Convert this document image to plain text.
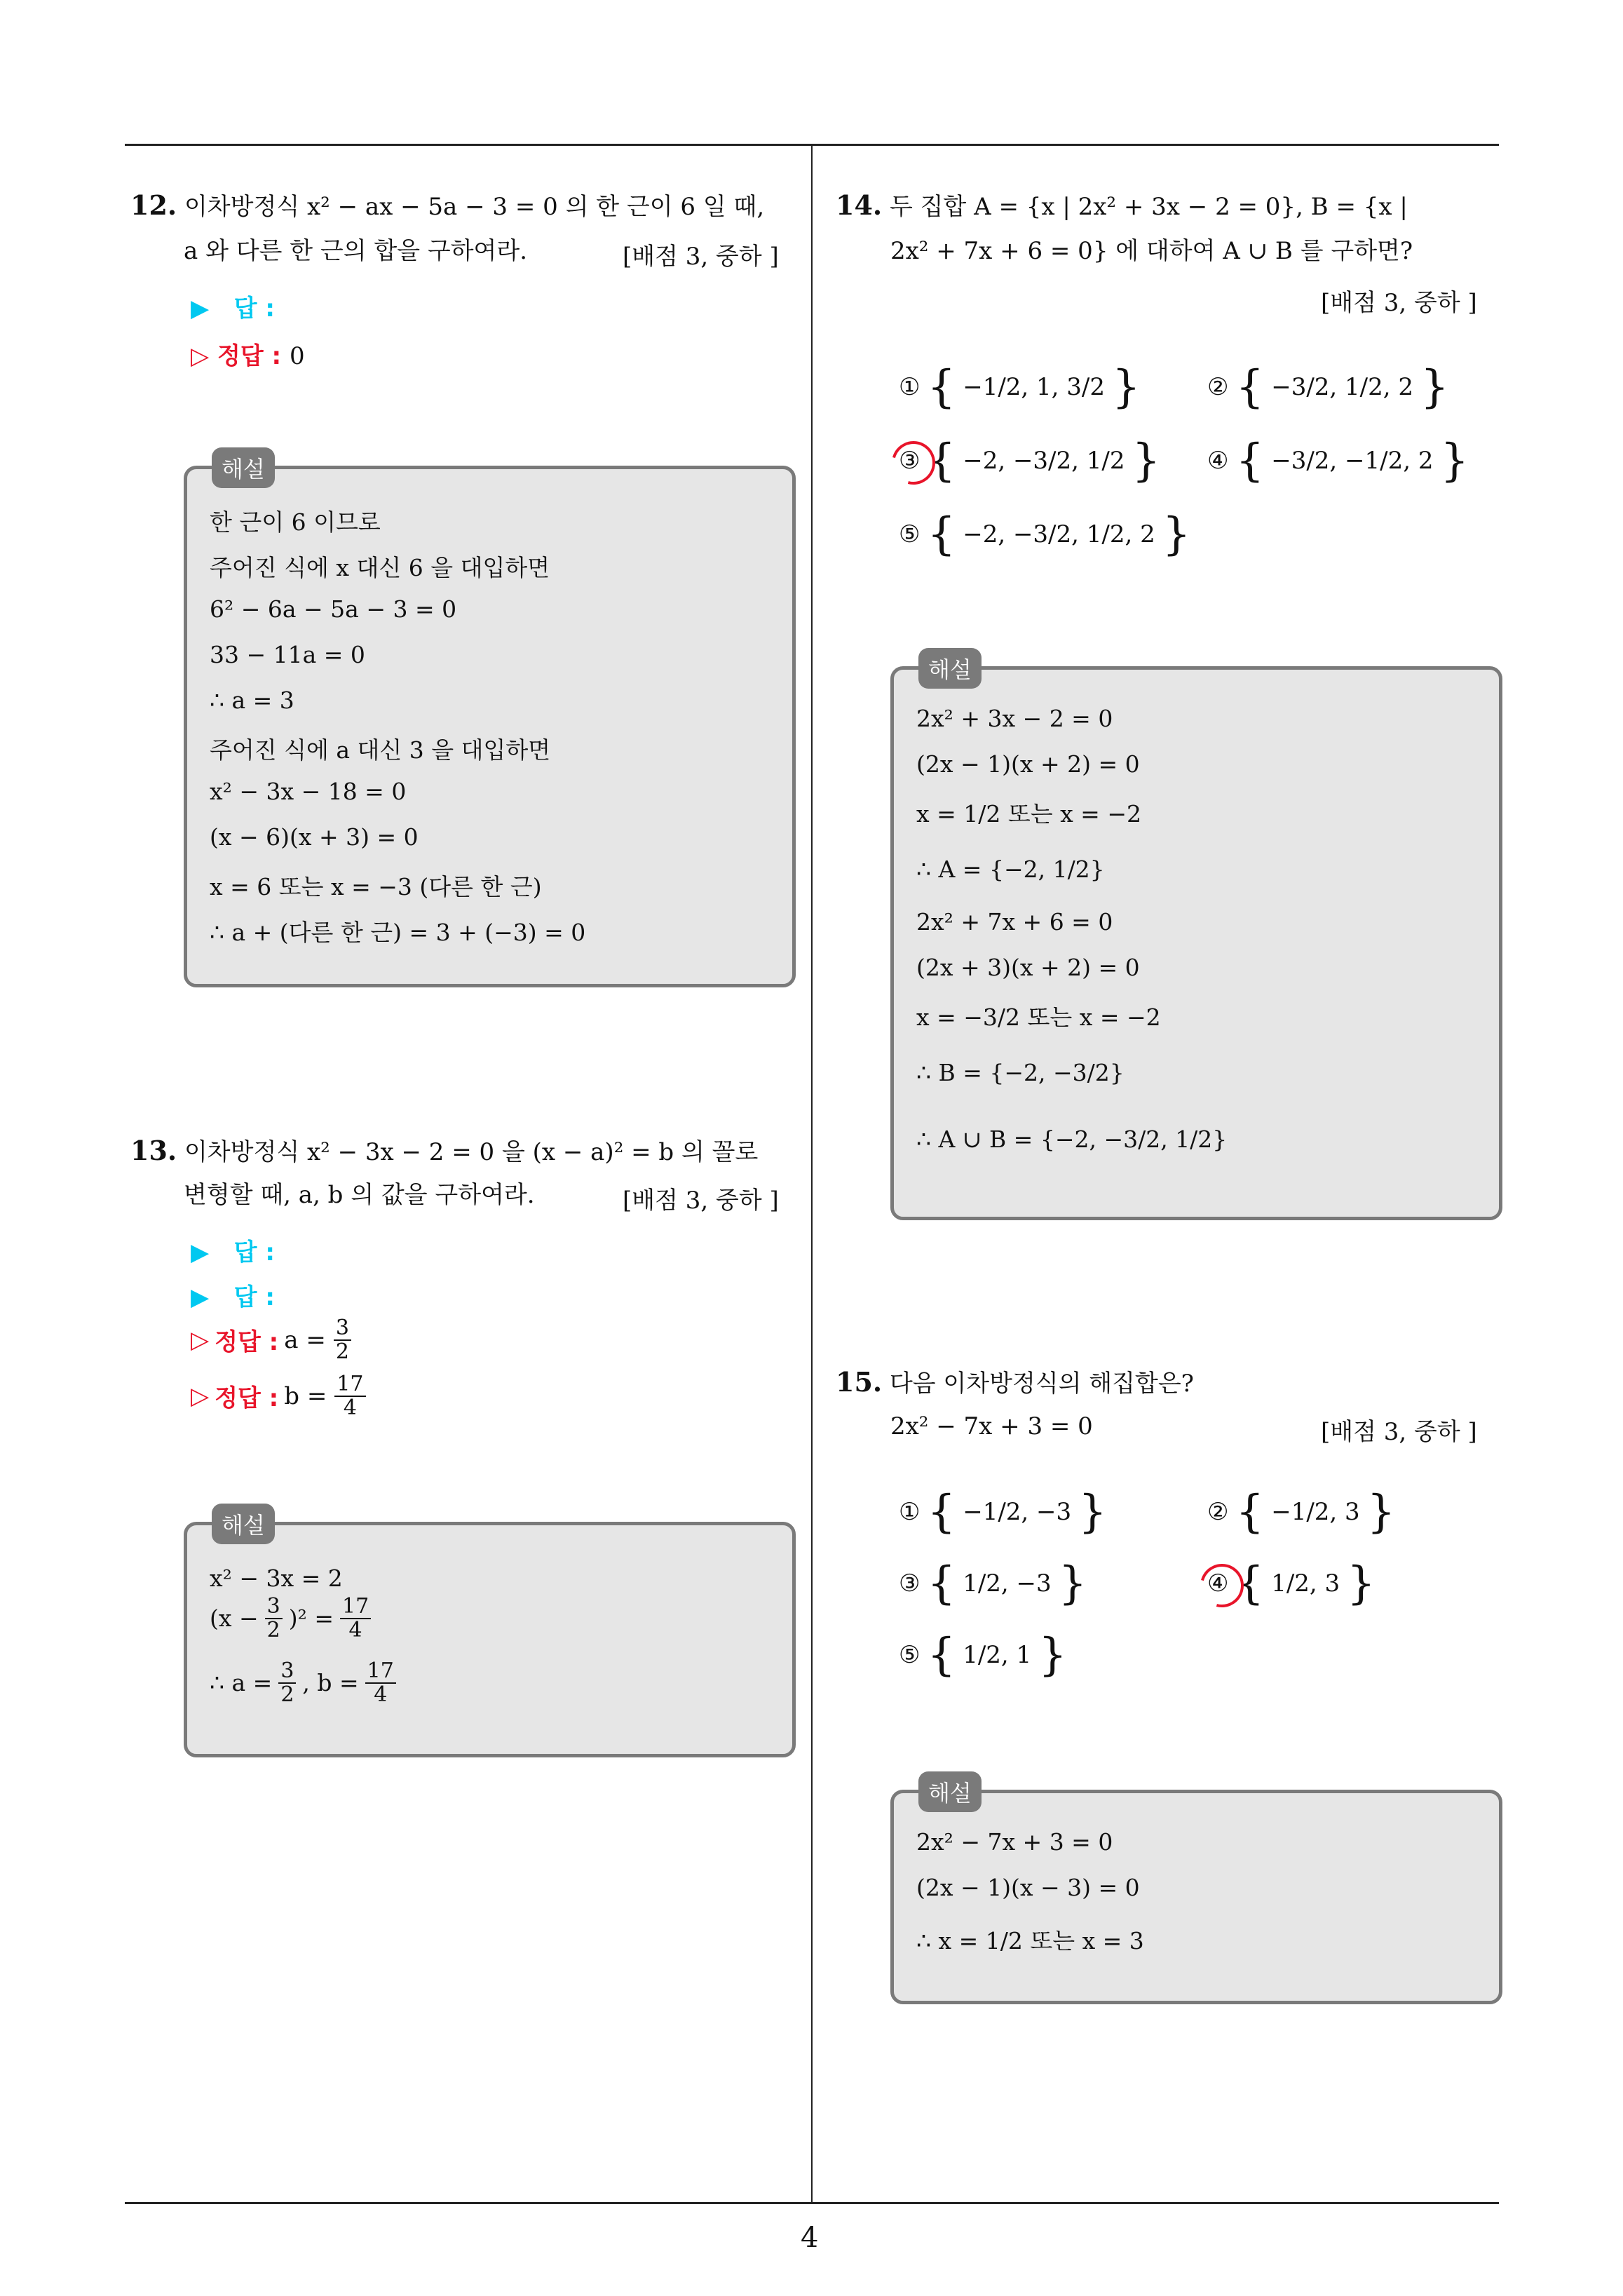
4
12. 이차방정식 x² − ax − 5a − 3 = 0 의 한 근이 6 일 때,
a 와 다른 한 근의 합을 구하여라.	[배점 3, 중하 ]
▶ 답 :
▷ 정답 : 0
한 근이 6 이므로
주어진 식에 x 대신 6 을 대입하면
6² − 6a − 5a − 3 = 0
33 − 11a = 0
∴ a = 3
주어진 식에 a 대신 3 을 대입하면
x² − 3x − 18 = 0
(x − 6)(x + 3) = 0
x = 6 또는 x = −3 (다른 한 근)
∴ a + (다른 한 근) = 3 + (−3) = 0
해설
13. 이차방정식 x² − 3x − 2 = 0 을 (x − a)² = b 의 꼴로
변형할 때, a, b 의 값을 구하여라.	[배점 3, 중하 ]
▶ 답 :
▶ 답 :
▷ 정답 : $a = \frac{3}{2}$
▷ 정답 : $b = \frac{17}{4}$
x² − 3x = 2
$(x - \frac{3}{2} )^2 = \frac{17}{4}$
∴ $a = \frac{3}{2}$ , $b = \frac{17}{4}$
해설
14. 두 집합 A = {x | 2x² + 3x − 2 = 0}, B = {x |
2x² + 7x + 6 = 0} 에 대하여 A ∪ B 를 구하면?
[배점 3, 중하 ]
① { −1/2, 1, 3/2 }	② { −3/2, 1/2, 2 }
③ { −2, −3/2, 1/2 } ④ { −3/2, −1/2, 2 }
⑤ { −2, −3/2, 1/2, 2 }
2x² + 3x − 2 = 0
(2x − 1)(x + 2) = 0
x = 1/2 또는 x = −2
∴ A = {−2, 1/2}
2x² + 7x + 6 = 0
(2x + 3)(x + 2) = 0
x = −3/2 또는 x = −2
∴ B = {−2, −3/2}
∴ A ∪ B = {−2, −3/2, 1/2}
해설
15. 다음 이차방정식의 해집합은?
2x² − 7x + 3 = 0	[배점 3, 중하 ]
① { −1/2, −3 }	② { −1/2, 3 }
③ { 1/2, −3 }	④ { 1/2, 3 }
⑤ { 1/2, 1 }
2x² − 7x + 3 = 0
(2x − 1)(x − 3) = 0
∴ x = 1/2 또는 x = 3
해설
